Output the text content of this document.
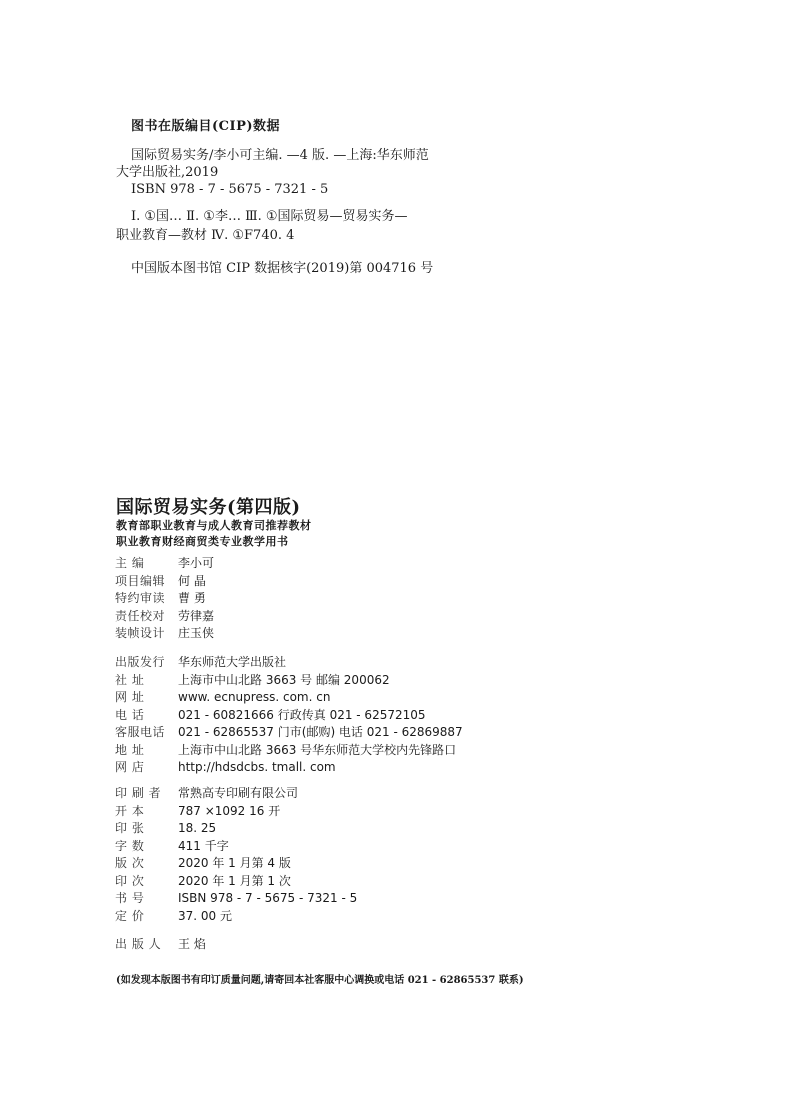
图书在版编目(CIP)数据
国际贸易实务/李小可主编. —4 版. —上海:华东师范
大学出版社,2019
ISBN 978 - 7 - 5675 - 7321 - 5
Ⅰ. ①国… Ⅱ. ①李… Ⅲ. ①国际贸易—贸易实务—
职业教育—教材 Ⅳ. ①F740. 4
中国版本图书馆 CIP 数据核字(2019)第 004716 号
国际贸易实务(第四版)
教育部职业教育与成人教育司推荐教材
职业教育财经商贸类专业教学用书
主 编	李小可
项目编辑	何 晶
特约审读	曹 勇
责任校对	劳律嘉
装帧设计	庄玉侠
出版发行	华东师范大学出版社
社 址	上海市中山北路 3663 号 邮编 200062
网 址	www. ecnupress. com. cn
电 话	021 - 60821666 行政传真 021 - 62572105
客服电话	021 - 62865537 门市(邮购) 电话 021 - 62869887
地 址	上海市中山北路 3663 号华东师范大学校内先锋路口
网 店	http://hdsdcbs. tmall. com
印 刷 者	常熟高专印刷有限公司
开 本	787 ×1092 16 开
印 张	18. 25
字 数	411 千字
版 次	2020 年 1 月第 4 版
印 次	2020 年 1 月第 1 次
书 号	ISBN 978 - 7 - 5675 - 7321 - 5
定 价	37. 00 元
出 版 人	王 焰
(如发现本版图书有印订质量问题,请寄回本社客服中心调换或电话 021 - 62865537 联系)
